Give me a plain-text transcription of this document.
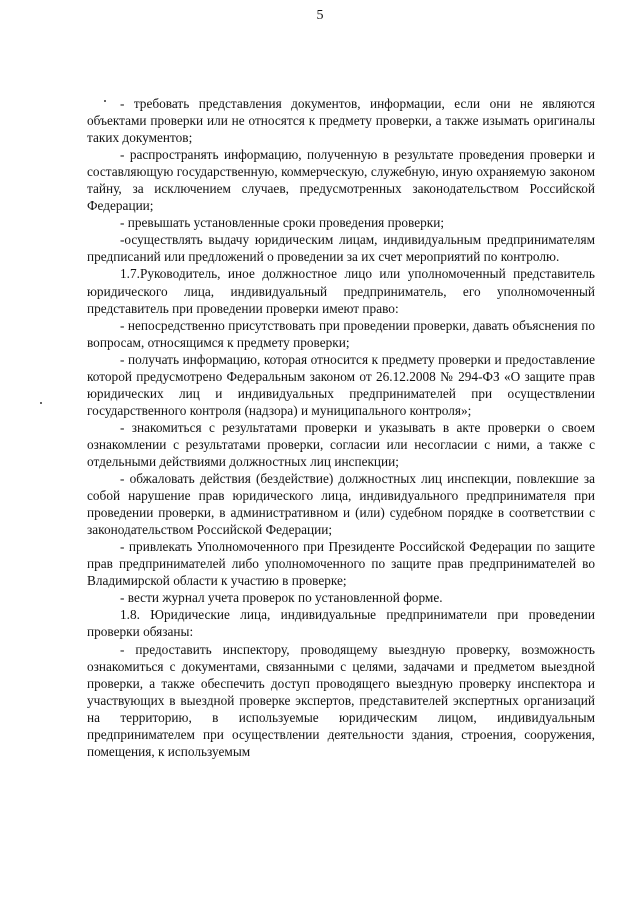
5

- требовать представления документов, информации, если они не являются объектами проверки или не относятся к предмету проверки, а также изымать оригиналы таких документов;

- распространять информацию, полученную в результате проведения проверки и составляющую государственную, коммерческую, служебную, иную охраняемую законом тайну, за исключением случаев, предусмотренных законодательством Российской Федерации;

- превышать установленные сроки проведения проверки;

-осуществлять выдачу юридическим лицам, индивидуальным предпринимателям предписаний или предложений о проведении за их счет мероприятий по контролю.

1.7.Руководитель, иное должностное лицо или уполномоченный представитель юридического лица, индивидуальный предприниматель, его уполномоченный представитель при проведении проверки имеют право:

- непосредственно присутствовать при проведении проверки, давать объяснения по вопросам, относящимся к предмету проверки;

- получать информацию, которая относится к предмету проверки и предоставление которой предусмотрено Федеральным законом от 26.12.2008 № 294-ФЗ «О защите прав юридических лиц и индивидуальных предпринимателей при осуществлении государственного контроля (надзора) и муниципального контроля»;

- знакомиться с результатами проверки и указывать в акте проверки о своем ознакомлении с результатами проверки, согласии или несогласии с ними, а также с отдельными действиями должностных лиц инспекции;

- обжаловать действия (бездействие) должностных лиц инспекции, повлекшие за собой нарушение прав юридического лица, индивидуального предпринимателя при проведении проверки, в административном и (или) судебном порядке в соответствии с законодательством Российской Федерации;

- привлекать Уполномоченного при Президенте Российской Федерации по защите прав предпринимателей либо уполномоченного по защите прав предпринимателей во Владимирской области к участию в проверке;

- вести журнал учета проверок по установленной форме.

1.8. Юридические лица, индивидуальные предприниматели при проведении проверки обязаны:

- предоставить инспектору, проводящему выездную проверку, возможность ознакомиться с документами, связанными с целями, задачами и предметом выездной проверки, а также обеспечить доступ проводящего выездную проверку инспектора и участвующих в выездной проверке экспертов, представителей экспертных организаций на территорию, в используемые юридическим лицом, индивидуальным предпринимателем при осуществлении деятельности здания, строения, сооружения, помещения, к используемым
